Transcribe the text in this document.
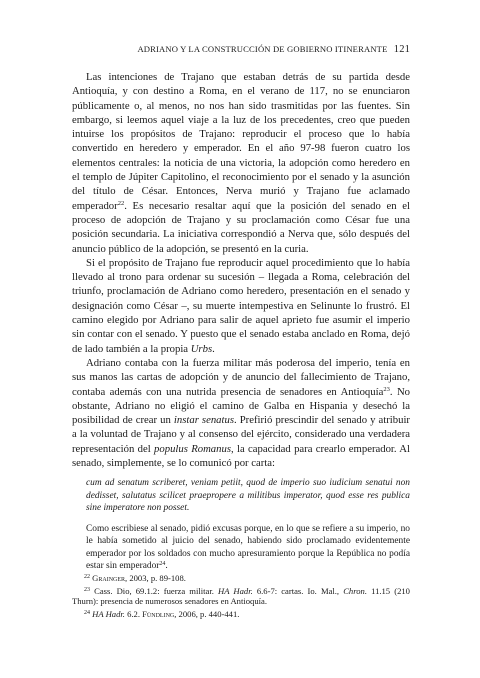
ADRIANO Y LA CONSTRUCCIÓN DE GOBIERNO ITINERANTE 121

Las intenciones de Trajano que estaban detrás de su partida desde Antioquía, y con destino a Roma, en el verano de 117, no se enunciaron públicamente o, al menos, no nos han sido trasmitidas por las fuentes. Sin embargo, si leemos aquel viaje a la luz de los precedentes, creo que pueden intuirse los propósitos de Trajano: reproducir el proceso que lo había convertido en heredero y emperador. En el año 97-98 fueron cuatro los elementos centrales: la noticia de una victoria, la adopción como heredero en el templo de Júpiter Capitolino, el reconocimiento por el senado y la asunción del título de César. Entonces, Nerva murió y Trajano fue aclamado emperador$^{22}$. Es necesario resaltar aquí que la posición del senado en el proceso de adopción de Trajano y su proclamación como César fue una posición secundaria. La iniciativa correspondió a Nerva que, sólo después del anuncio público de la adopción, se presentó en la curia.

Si el propósito de Trajano fue reproducir aquel procedimiento que lo había llevado al trono para ordenar su sucesión – llegada a Roma, celebración del triunfo, proclamación de Adriano como heredero, presentación en el senado y designación como César –, su muerte intempestiva en Selinunte lo frustró. El camino elegido por Adriano para salir de aquel aprieto fue asumir el imperio sin contar con el senado. Y puesto que el senado estaba anclado en Roma, dejó de lado también a la propia Urbs.

Adriano contaba con la fuerza militar más poderosa del imperio, tenía en sus manos las cartas de adopción y de anuncio del fallecimiento de Trajano, contaba además con una nutrida presencia de senadores en Antioquía$^{23}$. No obstante, Adriano no eligió el camino de Galba en Hispania y desechó la posibilidad de crear un instar senatus. Prefirió prescindir del senado y atribuir a la voluntad de Trajano y al consenso del ejército, considerado una verdadera representación del populus Romanus, la capacidad para crearlo emperador. Al senado, simplemente, se lo comunicó por carta:

cum ad senatum scriberet, veniam petiit, quod de imperio suo iudicium senatui non dedisset, salutatus scilicet praeproperе a militibus imperator, quod esse res publica sine imperatore non posset.
Como escribiese al senado, pidió excusas porque, en lo que se refiere a su imperio, no le había sometido al juicio del senado, habiendo sido proclamado evidentemente emperador por los soldados con mucho apresuramiento porque la República no podía estar sin emperador$^{24}$.

$^{22}$ Grainger, 2003, p. 89-108.

$^{23}$ Cass. Dio, 69.1.2: fuerza militar. HA Hadr. 6.6-7: cartas. Io. Mal., Chron. 11.15 (210 Thurn): presencia de numerosos senadores en Antioquía.

$^{24}$ HA Hadr. 6.2. Fündling, 2006, p. 440-441.
